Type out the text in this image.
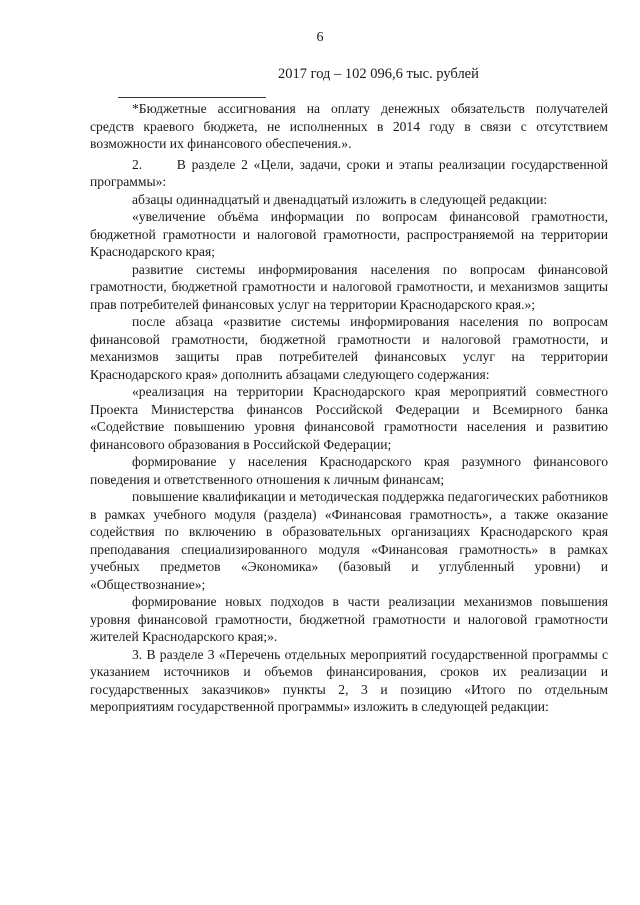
6
2017 год – 102 096,6 тыс. рублей

*Бюджетные ассигнования на оплату денежных обязательств получателей средств краевого бюджета, не исполненных в 2014 году в связи с отсутствием возможности их финансового обеспечения.».

2.      В разделе 2 «Цели, задачи, сроки и этапы реализации государственной программы»:

абзацы одиннадцатый и двенадцатый изложить в следующей редакции:

«увеличение объёма информации по вопросам финансовой грамотности, бюджетной грамотности и налоговой грамотности, распространяемой на территории Краснодарского края;

развитие системы информирования населения по вопросам финансовой грамотности, бюджетной грамотности и налоговой грамотности, и механизмов защиты прав потребителей финансовых услуг на территории Краснодарского края.»;

после абзаца «развитие системы информирования населения по вопросам финансовой грамотности, бюджетной грамотности и налоговой грамотности, и механизмов защиты прав потребителей финансовых услуг на территории Краснодарского края» дополнить абзацами следующего содержания:

«реализация на территории Краснодарского края мероприятий совместного Проекта Министерства финансов Российской Федерации и Всемирного банка «Содействие повышению уровня финансовой грамотности населения и развитию финансового образования в Российской Федерации;

формирование у населения Краснодарского края разумного финансового поведения и ответственного отношения к личным финансам;

повышение квалификации и методическая поддержка педагогических работников в рамках учебного модуля (раздела) «Финансовая грамотность», а также оказание содействия по включению в образовательных организациях Краснодарского края преподавания специализированного модуля «Финансовая грамотность» в рамках учебных предметов «Экономика» (базовый и углубленный уровни) и «Обществознание»;

формирование новых подходов в части реализации механизмов повышения уровня финансовой грамотности, бюджетной грамотности и налоговой грамотности жителей Краснодарского края;».

3. В разделе 3 «Перечень отдельных мероприятий государственной программы с указанием источников и объемов финансирования, сроков их реализации и государственных заказчиков» пункты 2, 3 и позицию «Итого по отдельным мероприятиям государственной программы» изложить в следующей редакции:
